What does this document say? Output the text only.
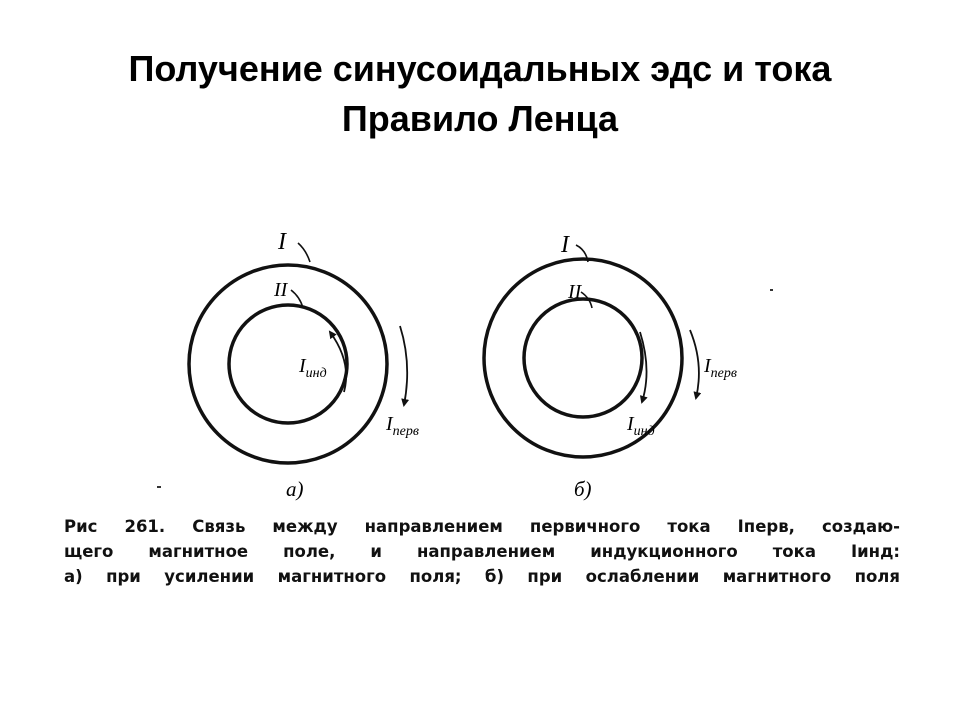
Получение синусоидальных эдс и тока
Правило Ленца
I
II
$I_{инд}$
$I_{перв}$
а)
I
II
$I_{инд}$
$I_{перв}$
б)
Рис 261. Связь между направлением первичного тока Iперв, создаю-
щего магнитное поле, и направлением индукционного тока Iинд:
а) при усилении магнитного поля; б) при ослаблении магнитного поля
